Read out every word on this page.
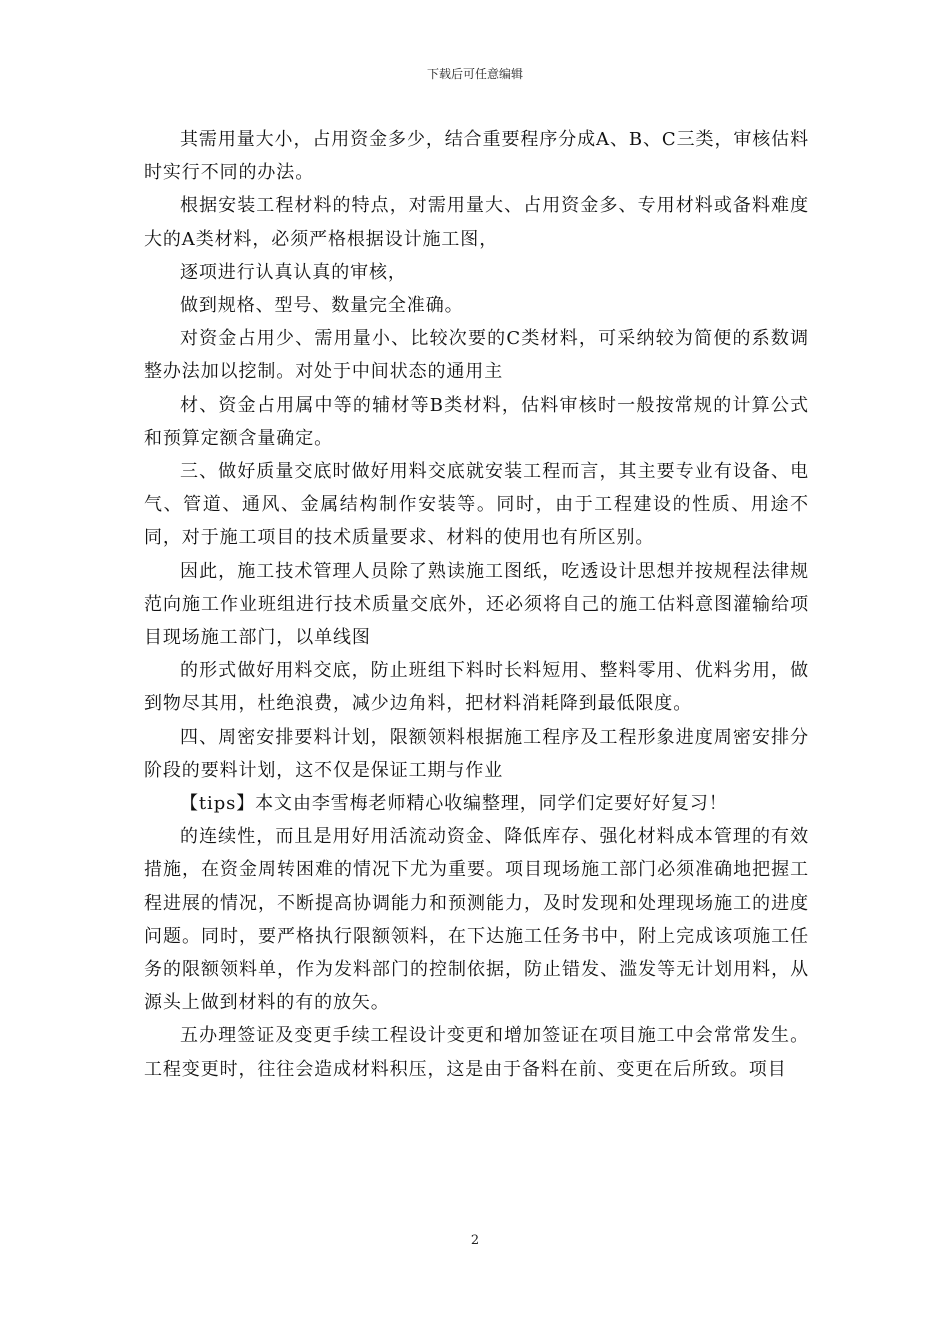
下载后可任意编辑

其需用量大小，占用资金多少，结合重要程序分成A、B、C三类，审核估料时实行不同的办法。

根据安装工程材料的特点，对需用量大、占用资金多、专用材料或备料难度大的A类材料，必须严格根据设计施工图，

逐项进行认真认真的审核，

做到规格、型号、数量完全准确。

对资金占用少、需用量小、比较次要的C类材料，可采纳较为简便的系数调整办法加以挖制。对处于中间状态的通用主

材、资金占用属中等的辅材等B类材料，估料审核时一般按常规的计算公式和预算定额含量确定。

三、做好质量交底时做好用料交底就安装工程而言，其主要专业有设备、电气、管道、通风、金属结构制作安装等。同时，由于工程建设的性质、用途不同，对于施工项目的技术质量要求、材料的使用也有所区别。

因此，施工技术管理人员除了熟读施工图纸，吃透设计思想并按规程法律规范向施工作业班组进行技术质量交底外，还必须将自己的施工估料意图灌输给项目现场施工部门，以单线图

的形式做好用料交底，防止班组下料时长料短用、整料零用、优料劣用，做到物尽其用，杜绝浪费，减少边角料，把材料消耗降到最低限度。

四、周密安排要料计划，限额领料根据施工程序及工程形象进度周密安排分阶段的要料计划，这不仅是保证工期与作业

【tips】本文由李雪梅老师精心收编整理，同学们定要好好复习！

的连续性，而且是用好用活流动资金、降低库存、强化材料成本管理的有效措施，在资金周转困难的情况下尤为重要。项目现场施工部门必须准确地把握工程进展的情况，不断提高协调能力和预测能力，及时发现和处理现场施工的进度问题。同时，要严格执行限额领料，在下达施工任务书中，附上完成该项施工任务的限额领料单，作为发料部门的控制依据，防止错发、滥发等无计划用料，从源头上做到材料的有的放矢。

五办理签证及变更手续工程设计变更和增加签证在项目施工中会常常发生。工程变更时，往往会造成材料积压，这是由于备料在前、变更在后所致。项目

2
